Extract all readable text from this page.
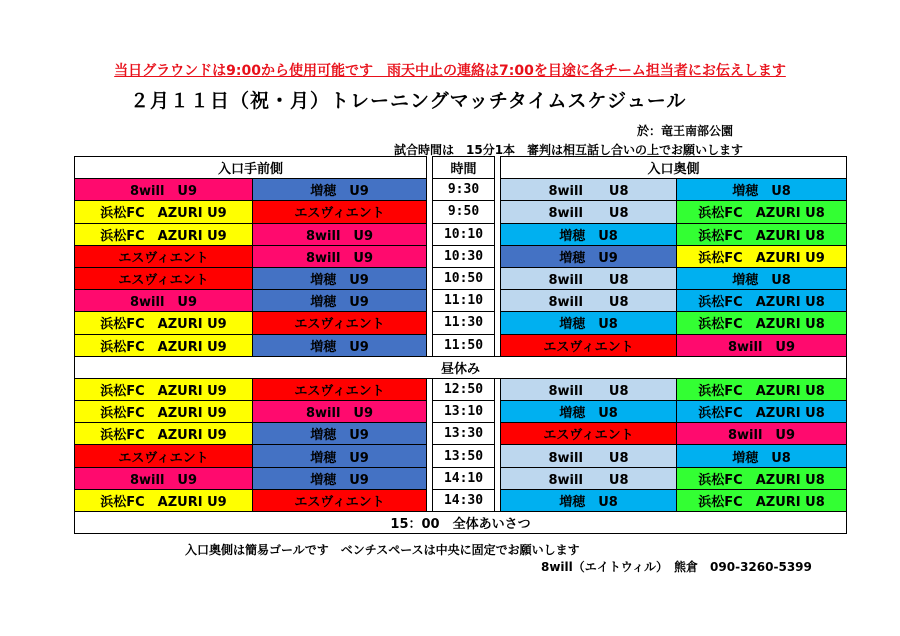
当日グラウンドは9:00から使用可能です　雨天中止の連絡は7:00を目途に各チーム担当者にお伝えします
２月１１日（祝・月）トレーニングマッチタイムスケジュール
於：竜王南部公園
試合時間は　15分1本　審判は相互話し合いの上でお願いします
入口手前側			時間		入口奥側	
8will　U9	増穂　U9		9:30		8will　　U8	増穂　U8
浜松FC　AZURI U9	エスヴィエント		9:50		8will　　U8	浜松FC　AZURI U8
浜松FC　AZURI U9	8will　U9		10:10		増穂　U8	浜松FC　AZURI U8
エスヴィエント	8will　U9		10:30		増穂　U9	浜松FC　AZURI U9
エスヴィエント	増穂　U9		10:50		8will　　U8	増穂　U8
8will　U9	増穂　U9		11:10		8will　　U8	浜松FC　AZURI U8
浜松FC　AZURI U9	エスヴィエント		11:30		増穂　U8	浜松FC　AZURI U8
浜松FC　AZURI U9	増穂　U9		11:50		エスヴィエント	8will　U9
昼休み						
浜松FC　AZURI U9	エスヴィエント		12:50		8will　　U8	浜松FC　AZURI U8
浜松FC　AZURI U9	8will　U9		13:10		増穂　U8	浜松FC　AZURI U8
浜松FC　AZURI U9	増穂　U9		13:30		エスヴィエント	8will　U9
エスヴィエント	増穂　U9		13:50		8will　　U8	増穂　U8
8will　U9	増穂　U9		14:10		8will　　U8	浜松FC　AZURI U8
浜松FC　AZURI U9	エスヴィエント		14:30		増穂　U8	浜松FC　AZURI U8
15：00　全体あいさつ						
入口奥側は簡易ゴールです　ベンチスペースは中央に固定でお願いします
8will（エイトウィル）　熊倉　090-3260-5399
